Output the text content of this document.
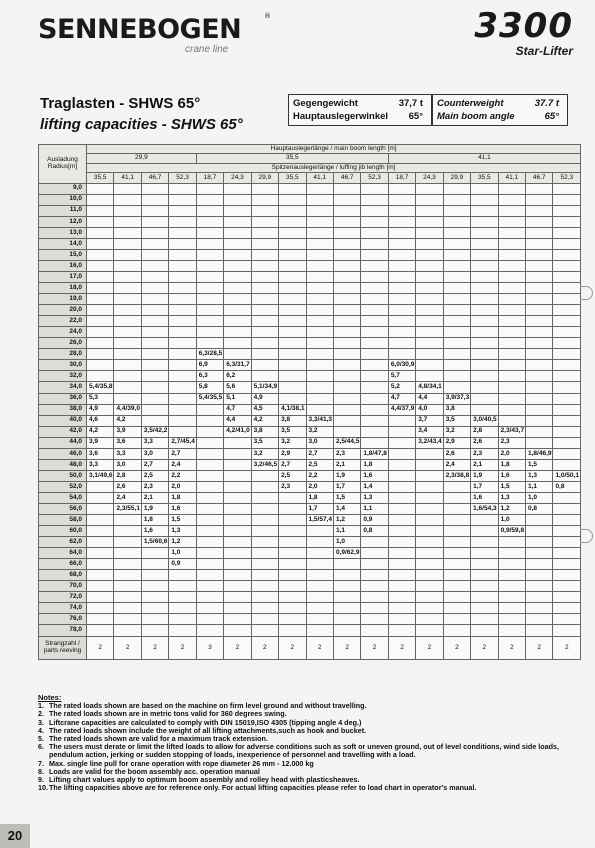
SENNEBOGEN	®
crane line
3300
Star-Lifter
Traglasten - SHWS 65°
lifting capacities - SHWS 65°
Gegengewicht	37,7 t
Hauptauslegerwinkel 65°
Counterweight	37.7 t
Main boom angle	65°
Ausladung Radius[m]	Hauptauslegerlänge / main boom length [m]																	
	29,9				35,5							41,1						
	Spitzenauslegerlänge / luffing jib length [m]																	
	35,5	41,1	46,7	52,3	18,7	24,3	29,9	35,5	41,1	46,7	52,3	18,7	24,3	29,9	35,5	41,1	46,7	52,3
9,0																		
10,0																		
11,0																		
12,0																		
13,0																		
14,0																		
15,0																		
16,0																		
17,0																		
18,0																		
19,0																		
20,0																		
22,0																		
24,0																		
26,0																		
28,0					6,3/28,5													
30,0					6,9	6,3/31,7						6,0/30,9						
32,0					6,3	6,2						5,7						
34,0	5,4/35,8				5,8	5,6	5,1/34,9					5,2	4,8/34,1					
36,0	5,3				5,4/35,5	5,1	4,9					4,7	4,4	3,9/37,3				
38,0	4,9	4,4/39,0				4,7	4,5	4,1/38,1				4,4/37,9	4,0	3,8				
40,0	4,6	4,2				4,4	4,2	3,8	3,3/41,3				3,7	3,5	3,0/40,5			
42,0	4,2	3,9	3,5/42,2			4,2/41,0	3,8	3,5	3,2				3,4	3,2	2,8	2,3/43,7		
44,0	3,9	3,6	3,3	2,7/45,4			3,5	3,2	3,0	2,5/44,5			3,2/43,4	2,9	2,6	2,3		
46,0	3,6	3,3	3,0	2,7			3,2	2,9	2,7	2,3	1,8/47,8			2,6	2,3	2,0	1,8/46,9	
48,0	3,3	3,0	2,7	2,4			3,2/46,5	2,7	2,5	2,1	1,8			2,4	2,1	1,8	1,5	
50,0	3,1/49,6	2,8	2,5	2,2				2,5	2,2	1,9	1,6			2,3/38,8	1,9	1,6	1,3	1,0/50,1
52,0		2,6	2,3	2,0				2,3	2,0	1,7	1,4				1,7	1,5	1,1	0,8
54,0		2,4	2,1	1,8					1,8	1,5	1,3				1,6	1,3	1,0	
56,0		2,3/55,1	1,9	1,6					1,7	1,4	1,1				1,6/54,3	1,2	0,8	
58,0			1,8	1,5					1,5/57,4	1,2	0,9					1,0		
60,0			1,6	1,3						1,1	0,8					0,9/59,8		
62,0			1,5/60,6	1,2						1,0								
64,0				1,0						0,9/62,9								
66,0				0,9														
68,0																		
70,0																		
72,0																		
74,0																		
76,0																		
78,0																		
Strangzahl / parts reeving	2	2	2	2	3	2	2	2	2	2	2	2	2	2	2	2	2	2
Notes:
1. The rated loads shown are based on the machine on firm level ground and without travelling.
2. The rated loads shown are in metric tons valid for 360 degrees swing.
3. Liftcrane capacities are calculated to comply with DIN 15019,ISO 4305 (tipping angle 4 deg.)
4. The rated loads shown include the weight of all lifting attachments,such as hook and bucket.
5. The rated loads shown are valid for a maximum track extension.
6. The users must derate or limit the lifted loads to allow for adverse conditions such as soft or uneven ground, out of level conditions, wind side loads, pendulum action, jerking or sudden stopping of loads, inexperience of personnel and travelling with a load.
7. Max. single line pull for crane operation with rope diameter 26 mm - 12.000 kg
8. Loads are valid for the boom assembly acc. operation manual
9. Lifting chart values apply to optimum boom assembly and rolley head with plasticsheaves.
10. The lifting capacities above are for reference only. For actual lifting capacities please refer to load chart in operator's manual.
20
